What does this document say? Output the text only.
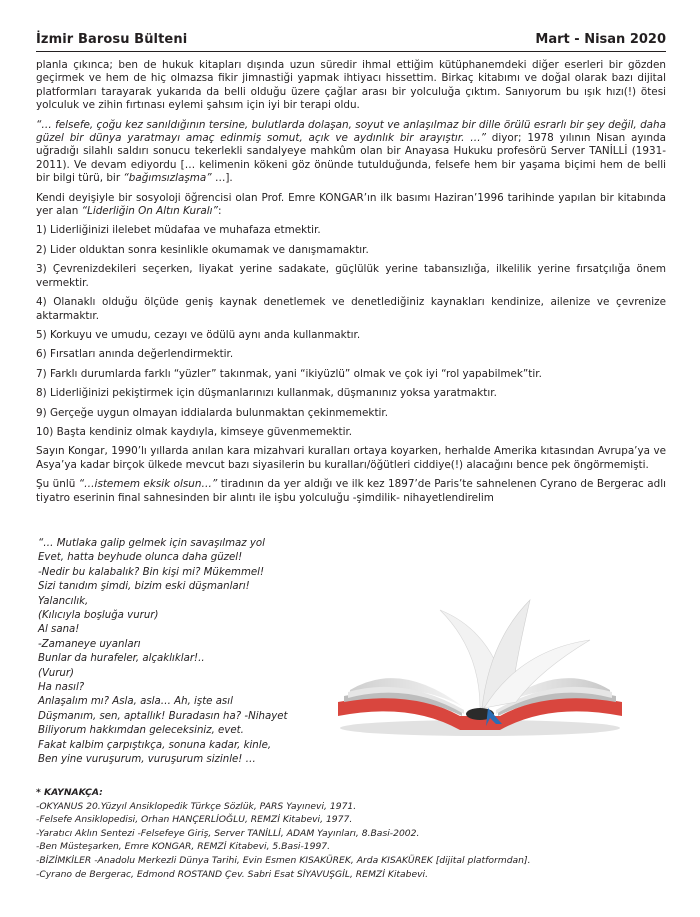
İzmir Barosu Bülteni	Mart - Nisan 2020

planla çıkınca; ben de hukuk kitapları dışında uzun süredir ihmal ettiğim kütüphanemdeki diğer eserleri bir gözden geçirmek ve hem de hiç olmazsa fikir jimnastiği yapmak ihtiyacı hissettim. Birkaç kitabımı ve doğal olarak bazı dijital platformları tarayarak yukarıda da belli olduğu üzere çağlar arası bir yolculuğa çıktım. Sanıyorum bu ışık hızı(!) ötesi yolculuk ve zihin fırtınası eylemi şahsım için iyi bir terapi oldu.

“… felsefe, çoğu kez sanıldığının tersine, bulutlarda dolaşan, soyut ve anlaşılmaz bir dille örülü esrarlı bir şey değil, daha güzel bir dünya yaratmayı amaç edinmiş somut, açık ve aydınlık bir arayıştır. …” diyor; 1978 yılının Nisan ayında uğradığı silahlı saldırı sonucu tekerlekli sandalyeye mahkûm olan bir Anayasa Hukuku profesörü Server TANİLLİ (1931-2011). Ve devam ediyordu [… kelimenin kökeni göz önünde tutulduğunda, felsefe hem bir yaşama biçimi hem de belli bir bilgi türü, bir “bağımsızlaşma” …].

Kendi deyişiyle bir sosyoloji öğrencisi olan Prof. Emre KONGAR’ın ilk basımı Haziran’1996 tarihinde yapılan bir kitabında yer alan “Liderliğin On Altın Kuralı”:

1) Liderliğinizi ilelebet müdafaa ve muhafaza etmektir.

2) Lider olduktan sonra kesinlikle okumamak ve danışmamaktır.

3) Çevrenizdekileri seçerken, liyakat yerine sadakate, güçlülük yerine tabansızlığa, ilkelilik yerine fırsatçılığa önem vermektir.

4) Olanaklı olduğu ölçüde geniş kaynak denetlemek ve denetlediğiniz kaynakları kendinize, ailenize ve çevrenize aktarmaktır.

5) Korkuyu ve umudu, cezayı ve ödülü aynı anda kullanmaktır.

6) Fırsatları anında değerlendirmektir.

7) Farklı durumlarda farklı “yüzler” takınmak, yani “ikiyüzlü” olmak ve çok iyi “rol yapabilmek”tir.

8) Liderliğinizi pekiştirmek için düşmanlarınızı kullanmak, düşmanınız yoksa yaratmaktır.

9) Gerçeğe uygun olmayan iddialarda bulunmaktan çekinmemektir.

10) Başta kendiniz olmak kaydıyla, kimseye güvenmemektir.

Sayın Kongar, 1990’lı yıllarda anılan kara mizahvari kuralları ortaya koyarken, herhalde Amerika kıtasından Avrupa’ya ve Asya’ya kadar birçok ülkede mevcut bazı siyasilerin bu kuralları/öğütleri ciddiye(!) alacağını bence pek öngörmemişti.

Şu ünlü “…istemem eksik olsun…” tiradının da yer aldığı ve ilk kez 1897’de Paris’te sahnelenen Cyrano de Bergerac adlı tiyatro eserinin final sahnesinden bir alıntı ile işbu yolculuğu -şimdilik- nihayetlendirelim

“… Mutlaka galip gelmek için savaşılmaz yol
Evet, hatta beyhude olunca daha güzel!
-Nedir bu kalabalık? Bin kişi mi? Mükemmel!
Sizi tanıdım şimdi, bizim eski düşmanları!
Yalancılık,
(Kılıcıyla boşluğa vurur)
Al sana!
-Zamaneye uyanları
Bunlar da hurafeler, alçaklıklar!..
(Vurur)
Ha nasıl?
Anlaşalım mı? Asla, asla… Ah, işte asıl
Düşmanım, sen, aptallık! Buradasın ha? -Nihayet
Biliyorum hakkımdan geleceksiniz, evet.
Fakat kalbim çarpıştıkça, sonuna kadar, kinle,
Ben yine vuruşurum, vuruşurum sizinle! …
* KAYNAKÇA:
-OKYANUS 20.Yüzyıl Ansiklopedik Türkçe Sözlük, PARS Yayınevi, 1971.
-Felsefe Ansiklopedisi, Orhan HANÇERLİOĞLU, REMZİ Kitabevi, 1977.
-Yaratıcı Aklın Sentezi -Felsefeye Giriş, Server TANİLLİ, ADAM Yayınları, 8.Basi-2002.
-Ben Müsteşarken, Emre KONGAR, REMZİ Kitabevi, 5.Basi-1997.
-BİZİMKİLER -Anadolu Merkezli Dünya Tarihi, Evin Esmen KISAKÜREK, Arda KISAKÜREK [dijital platformdan].
-Cyrano de Bergerac, Edmond ROSTAND Çev. Sabri Esat SİYAVUŞGİL, REMZİ Kitabevi.
